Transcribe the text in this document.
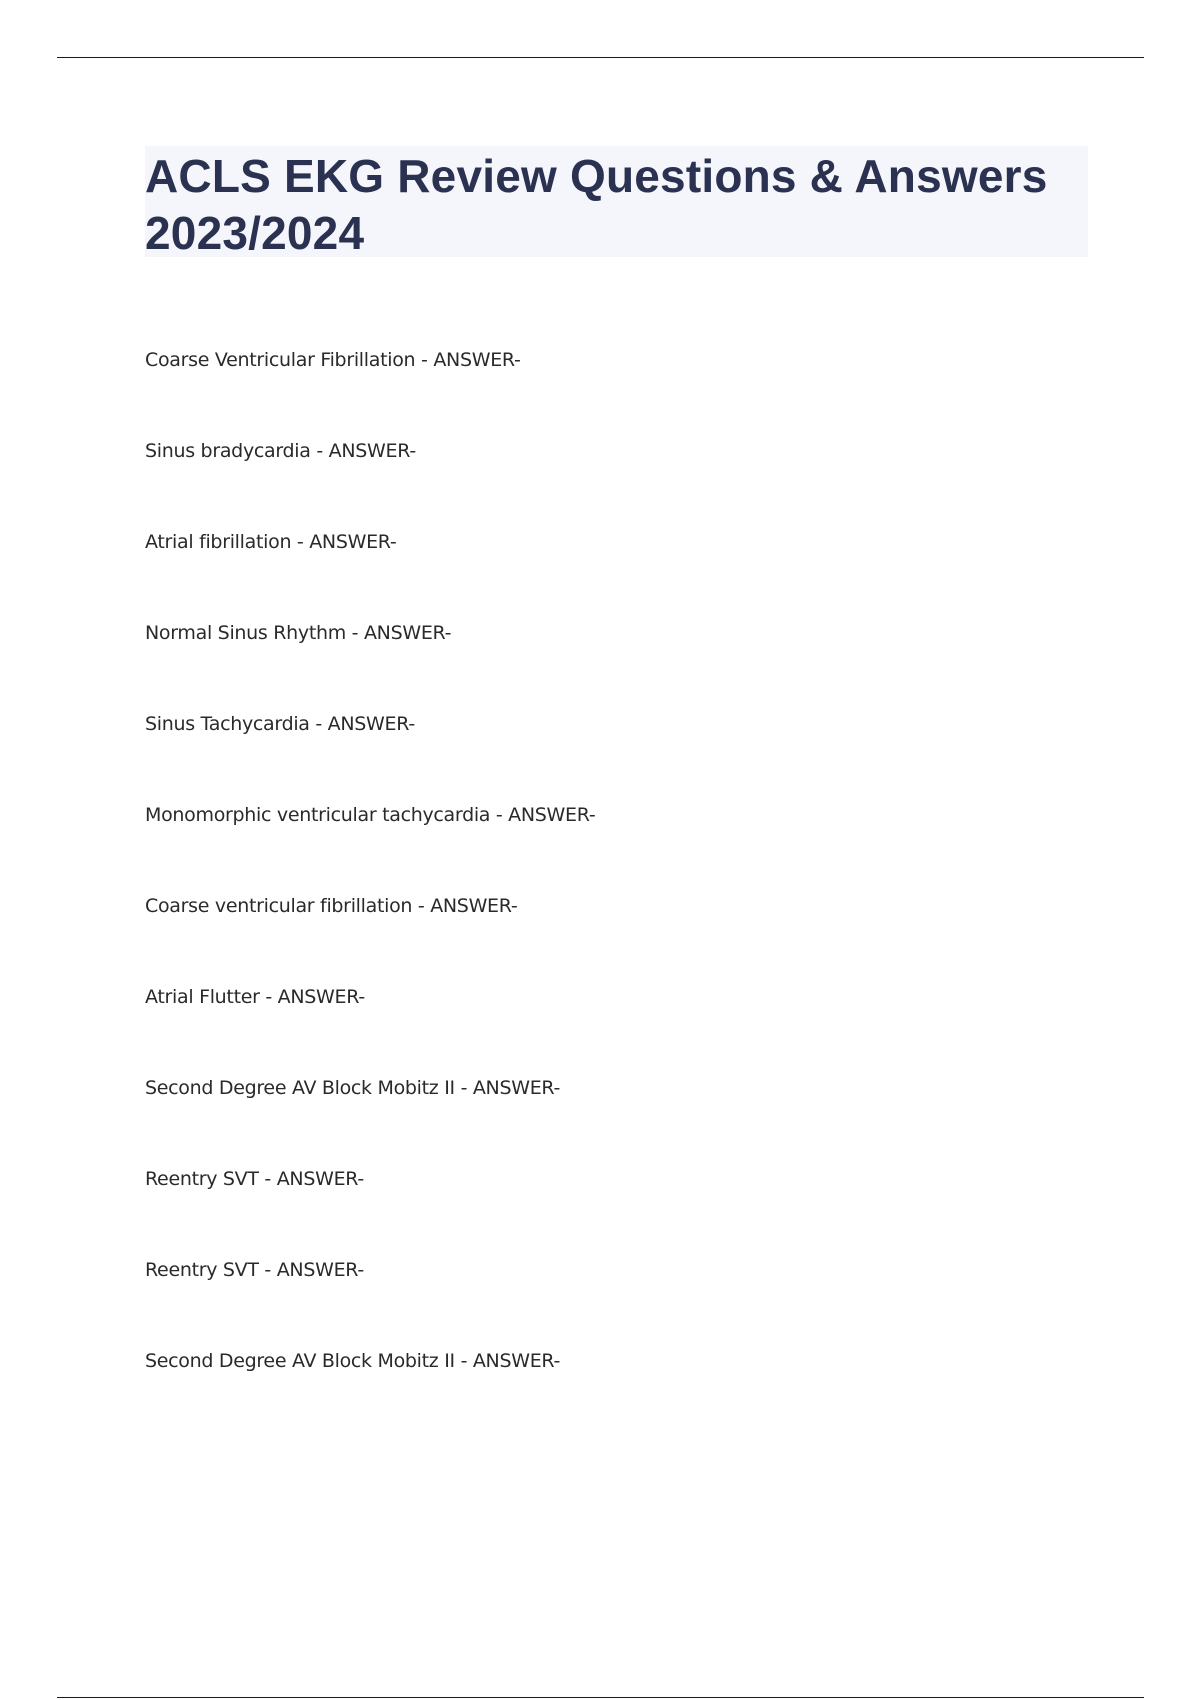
ACLS EKG Review Questions & Answers 2023/2024
Coarse Ventricular Fibrillation - ANSWER-
Sinus bradycardia - ANSWER-
Atrial fibrillation - ANSWER-
Normal Sinus Rhythm - ANSWER-
Sinus Tachycardia - ANSWER-
Monomorphic ventricular tachycardia - ANSWER-
Coarse ventricular fibrillation - ANSWER-
Atrial Flutter - ANSWER-
Second Degree AV Block Mobitz II - ANSWER-
Reentry SVT - ANSWER-
Reentry SVT - ANSWER-
Second Degree AV Block Mobitz II - ANSWER-
